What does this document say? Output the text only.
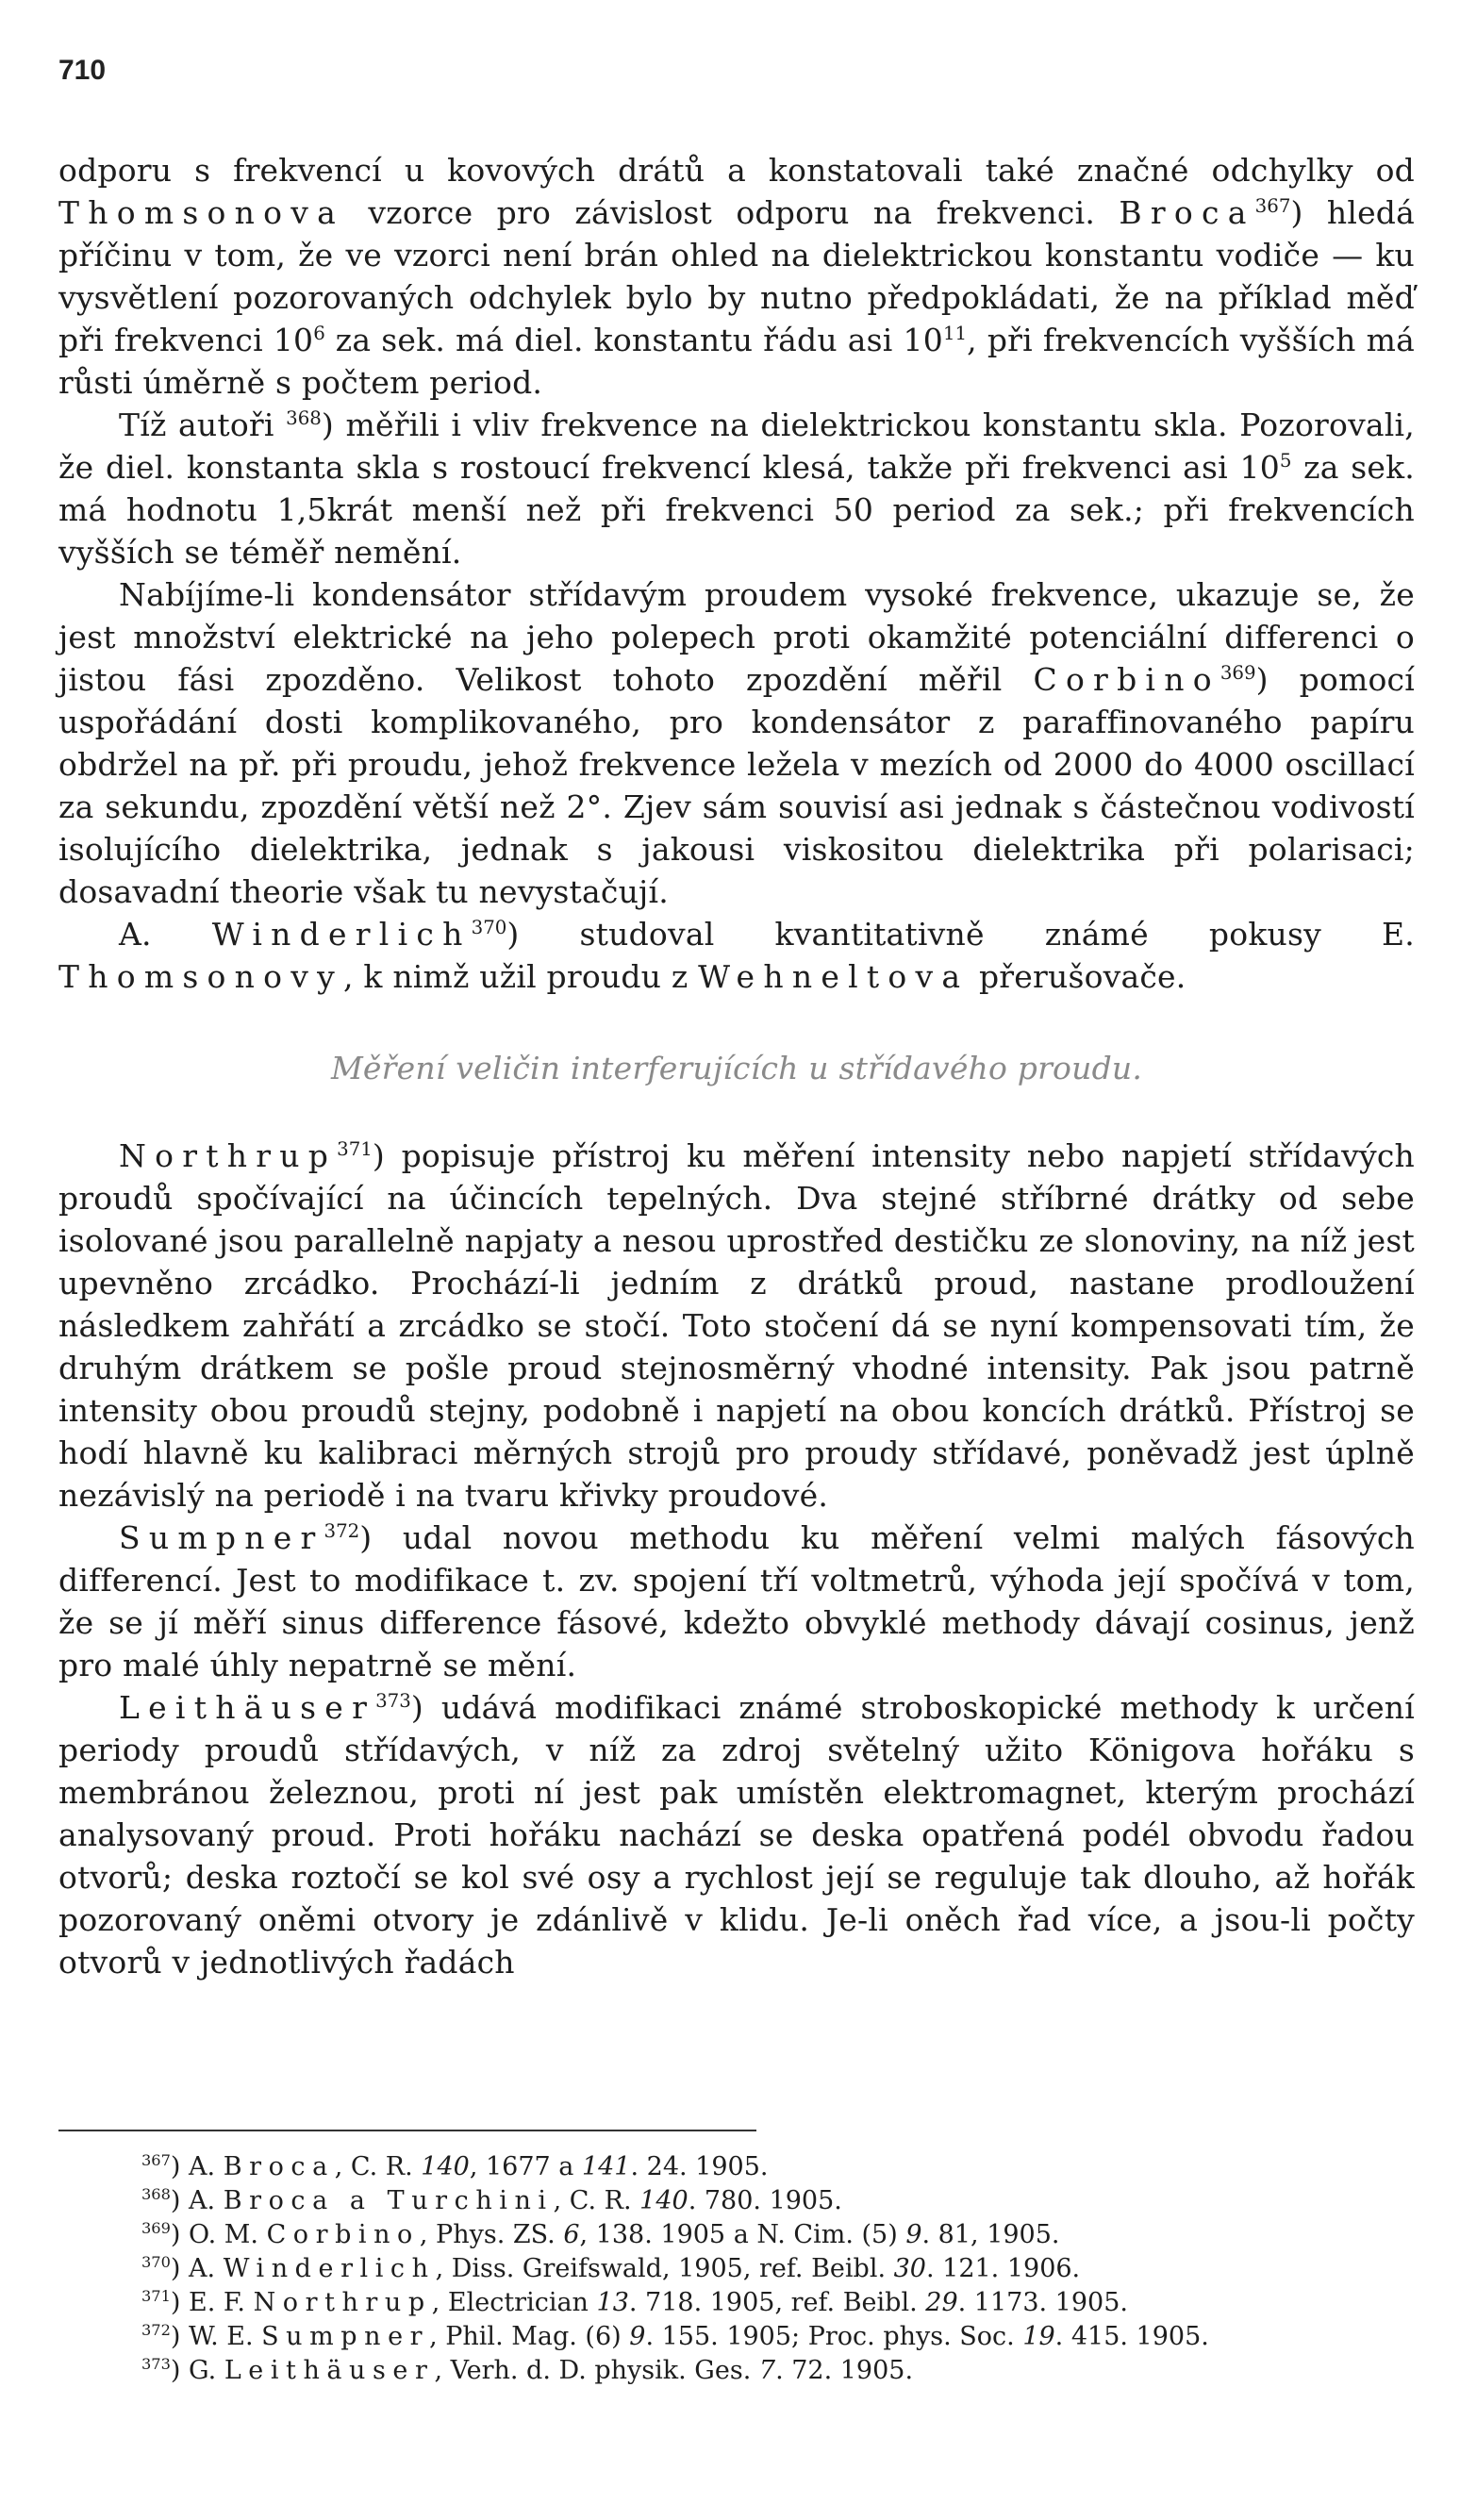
710

odporu s frekvencí u kovových drátů a konstatovali také značné odchylky od Thomsonova vzorce pro závislost odporu na frekvenci. Broca$^{367}$) hledá příčinu v tom, že ve vzorci není brán ohled na dielektrickou konstantu vodiče — ku vysvětlení pozorovaných odchylek bylo by nutno předpokládati, že na příklad měď při frekvenci $10^6$ za sek. má diel. konstantu řádu asi $10^{11}$, při frekvencích vyšších má růsti úměrně s počtem period.

Tíž autoři $^{368}$) měřili i vliv frekvence na dielektrickou konstantu skla. Pozorovali, že diel. konstanta skla s rostoucí frekvencí klesá, takže při frekvenci asi $10^5$ za sek. má hodnotu 1,5krát menší než při frekvenci 50 period za sek.; při frekvencích vyšších se téměř nemění.

Nabíjíme-li kondensátor střídavým proudem vysoké frekvence, ukazuje se, že jest množství elektrické na jeho polepech proti okamžité potenciální differenci o jistou fási zpozděno. Velikost tohoto zpozdění měřil Corbino$^{369}$) pomocí uspořádání dosti komplikovaného, pro kondensátor z paraffinovaného papíru obdržel na př. při proudu, jehož frekvence ležela v mezích od 2000 do 4000 oscillací za sekundu, zpozdění větší než 2°. Zjev sám souvisí asi jednak s částečnou vodivostí isolujícího dielektrika, jednak s jakousi viskositou dielektrika při polarisaci; dosavadní theorie však tu nevystačují.

A. Winderlich$^{370}$) studoval kvantitativně známé pokusy E. Thomsonovy, k nimž užil proudu z Wehneltova přerušovače.

Měření veličin interferujících u střídavého proudu.

Northrup$^{371}$) popisuje přístroj ku měření intensity nebo napjetí střídavých proudů spočívající na účincích tepelných. Dva stejné stříbrné drátky od sebe isolované jsou parallelně napjaty a nesou uprostřed destičku ze slonoviny, na níž jest upevněno zrcádko. Prochází-li jedním z drátků proud, nastane prodloužení následkem zahřátí a zrcádko se stočí. Toto stočení dá se nyní kompensovati tím, že druhým drátkem se pošle proud stejnosměrný vhodné intensity. Pak jsou patrně intensity obou proudů stejny, podobně i napjetí na obou koncích drátků. Přístroj se hodí hlavně ku kalibraci měrných strojů pro proudy střídavé, poněvadž jest úplně nezávislý na periodě i na tvaru křivky proudové.

Sumpner$^{372}$) udal novou methodu ku měření velmi malých fásových differencí. Jest to modifikace t. zv. spojení tří voltmetrů, výhoda její spočívá v tom, že se jí měří sinus difference fásové, kdežto obvyklé methody dávají cosinus, jenž pro malé úhly nepatrně se mění.

Leithäuser$^{373}$) udává modifikaci známé stroboskopické methody k určení periody proudů střídavých, v níž za zdroj světelný užito Königova hořáku s membránou železnou, proti ní jest pak umístěn elektromagnet, kterým prochází analysovaný proud. Proti hořáku nachází se deska opatřená podél obvodu řadou otvorů; deska roztočí se kol své osy a rychlost její se reguluje tak dlouho, až hořák pozorovaný oněmi otvory je zdánlivě v klidu. Je-li oněch řad více, a jsou-li počty otvorů v jednotlivých řadách

$^{367}$) A. Broca, C. R. 140, 1677 a 141. 24. 1905.

$^{368}$) A. Broca a Turchini, C. R. 140. 780. 1905.

$^{369}$) O. M. Corbino, Phys. ZS. 6, 138. 1905 a N. Cim. (5) 9. 81, 1905.

$^{370}$) A. Winderlich, Diss. Greifswald, 1905, ref. Beibl. 30. 121. 1906.

$^{371}$) E. F. Northrup, Electrician 13. 718. 1905, ref. Beibl. 29. 1173. 1905.

$^{372}$) W. E. Sumpner, Phil. Mag. (6) 9. 155. 1905; Proc. phys. Soc. 19. 415. 1905.

$^{373}$) G. Leithäuser, Verh. d. D. physik. Ges. 7. 72. 1905.
